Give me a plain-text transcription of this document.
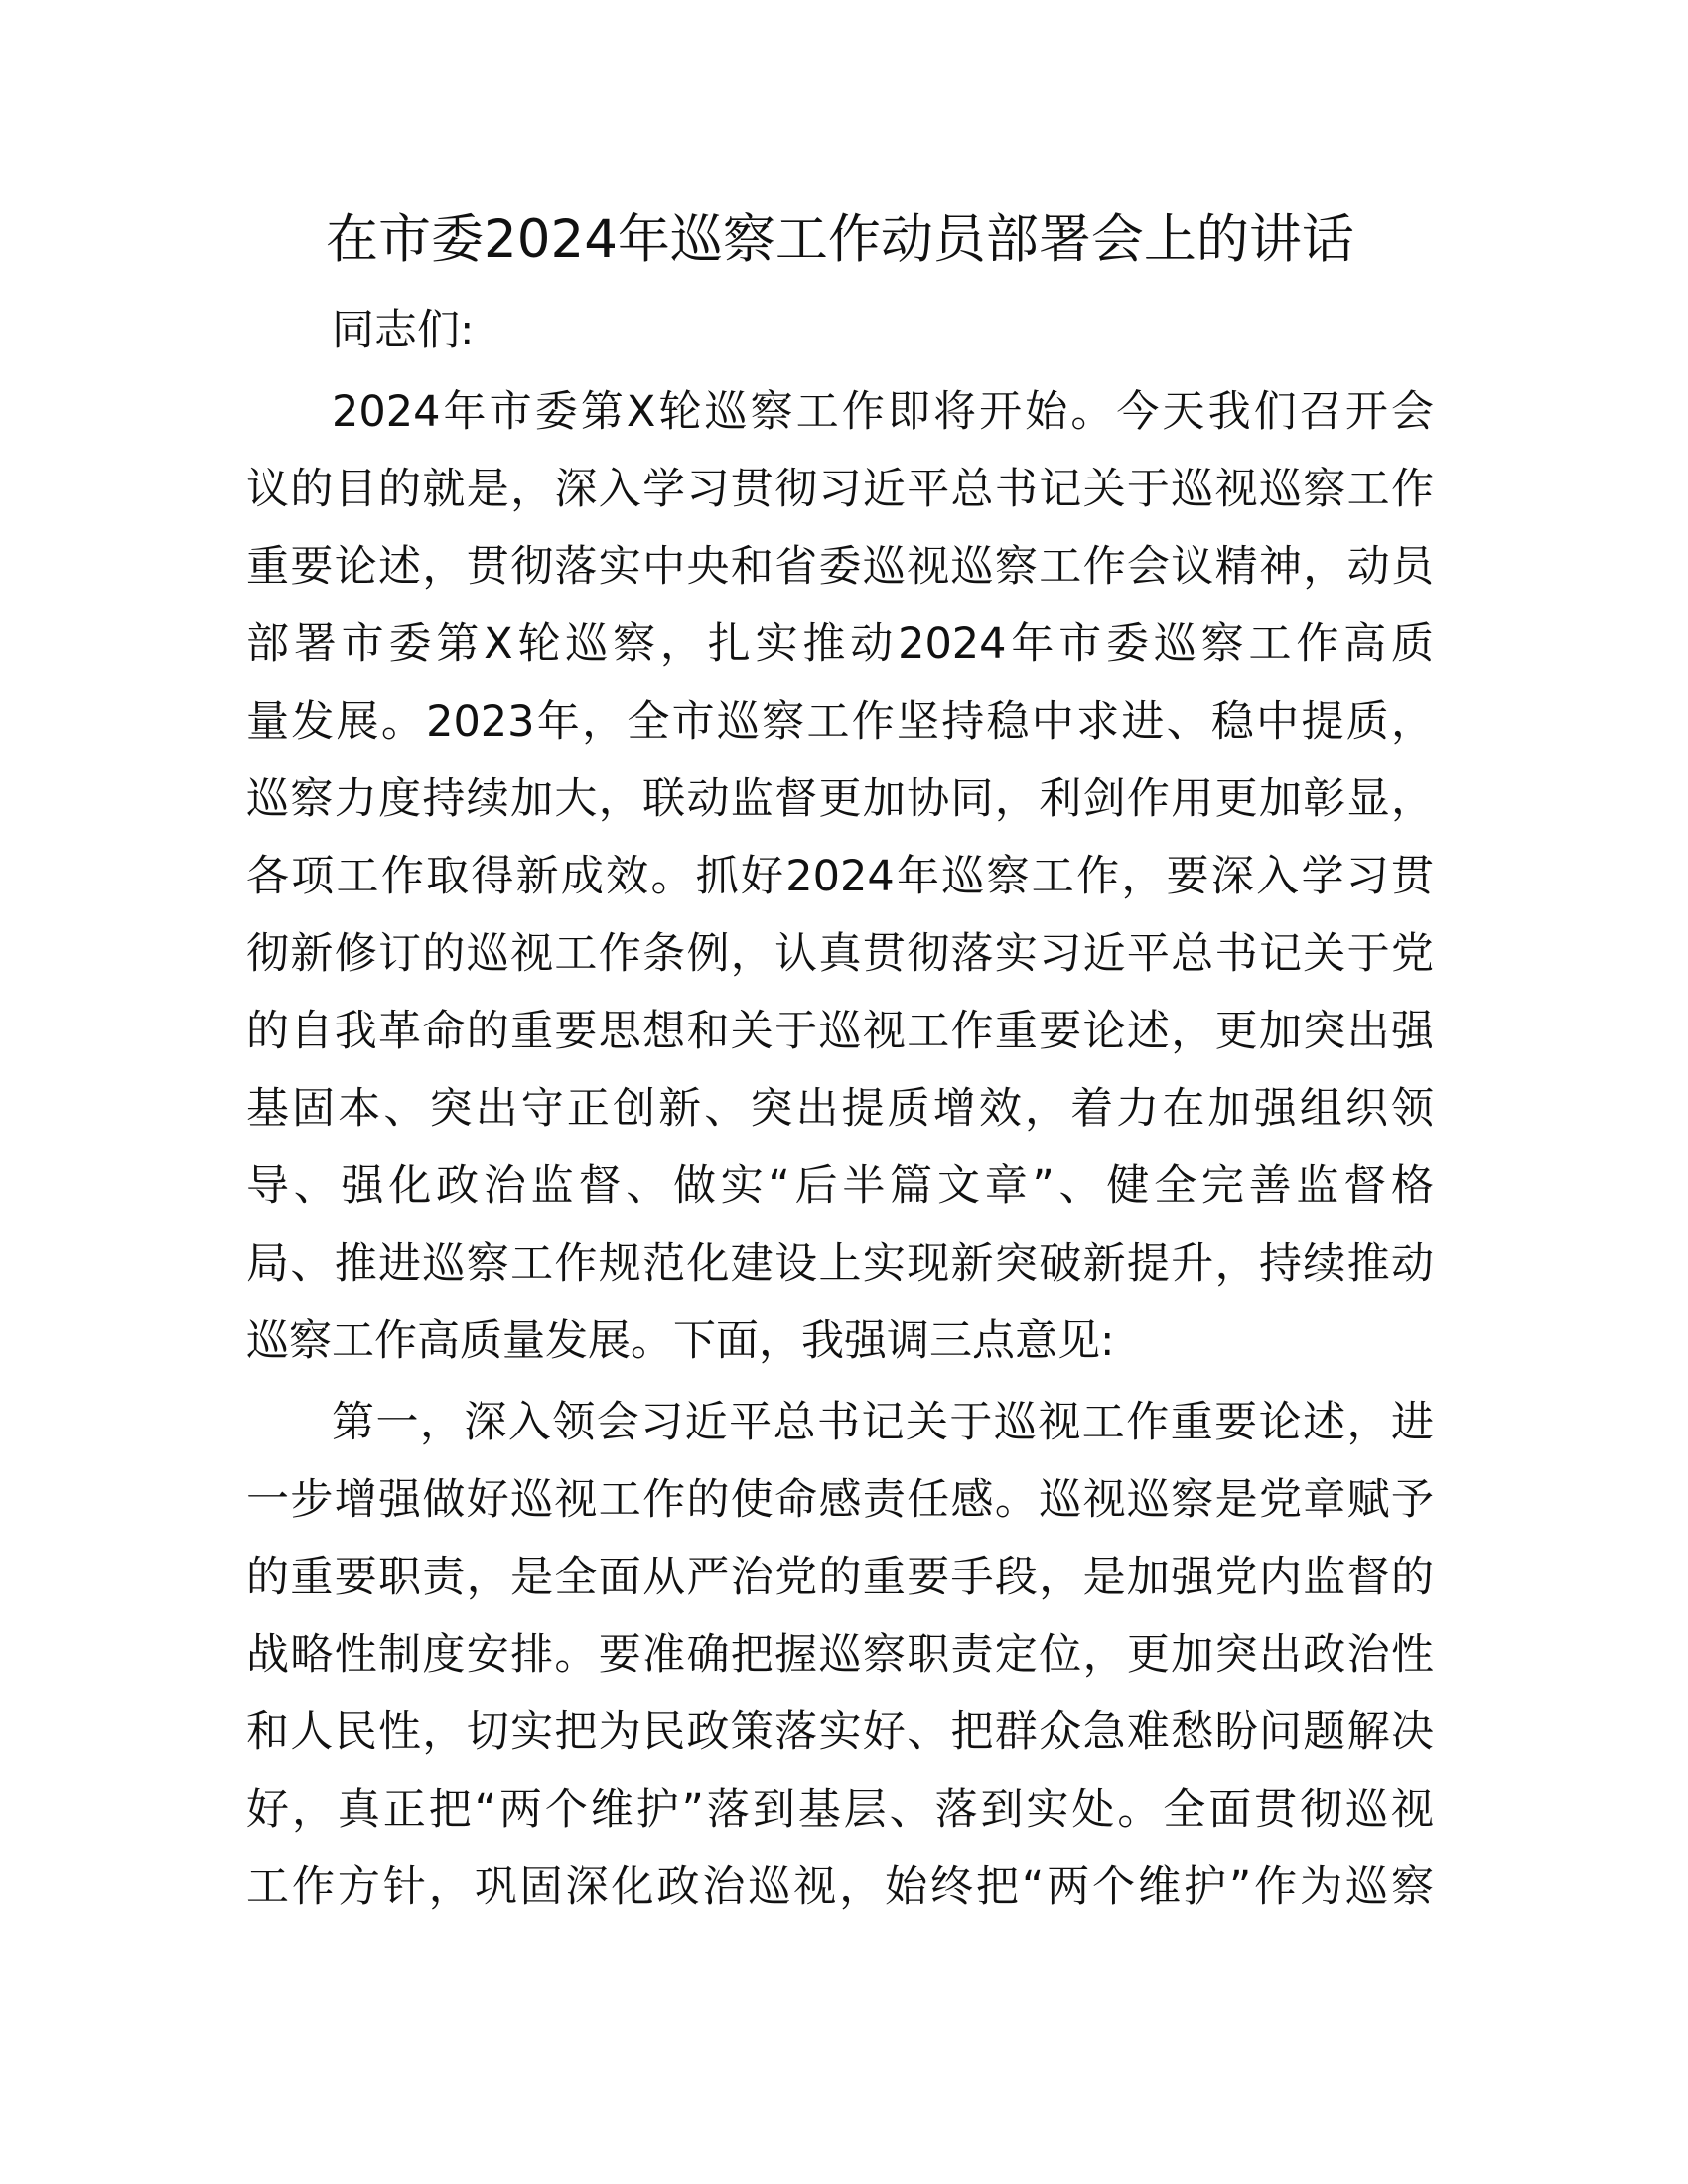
在市委2024年巡察工作动员部署会上的讲话

同志们:

2024年市委第X轮巡察工作即将开始。今天我们召开会
议的目的就是，深入学习贯彻习近平总书记关于巡视巡察工作
重要论述，贯彻落实中央和省委巡视巡察工作会议精神，动员
部署市委第X轮巡察，扎实推动2024年市委巡察工作高质
量发展。2023年，全市巡察工作坚持稳中求进、稳中提质，
巡察力度持续加大，联动监督更加协同，利剑作用更加彰显，
各项工作取得新成效。抓好2024年巡察工作，要深入学习贯
彻新修订的巡视工作条例，认真贯彻落实习近平总书记关于党
的自我革命的重要思想和关于巡视工作重要论述，更加突出强
基固本、突出守正创新、突出提质增效，着力在加强组织领
导、强化政治监督、做实“后半篇文章”、健全完善监督格
局、推进巡察工作规范化建设上实现新突破新提升，持续推动
巡察工作高质量发展。下面，我强调三点意见:
第一，深入领会习近平总书记关于巡视工作重要论述，进
一步增强做好巡视工作的使命感责任感。巡视巡察是党章赋予
的重要职责，是全面从严治党的重要手段，是加强党内监督的
战略性制度安排。要准确把握巡察职责定位，更加突出政治性
和人民性，切实把为民政策落实好、把群众急难愁盼问题解决
好，真正把“两个维护”落到基层、落到实处。全面贯彻巡视
工作方针，巩固深化政治巡视，始终把“两个维护”作为巡察
